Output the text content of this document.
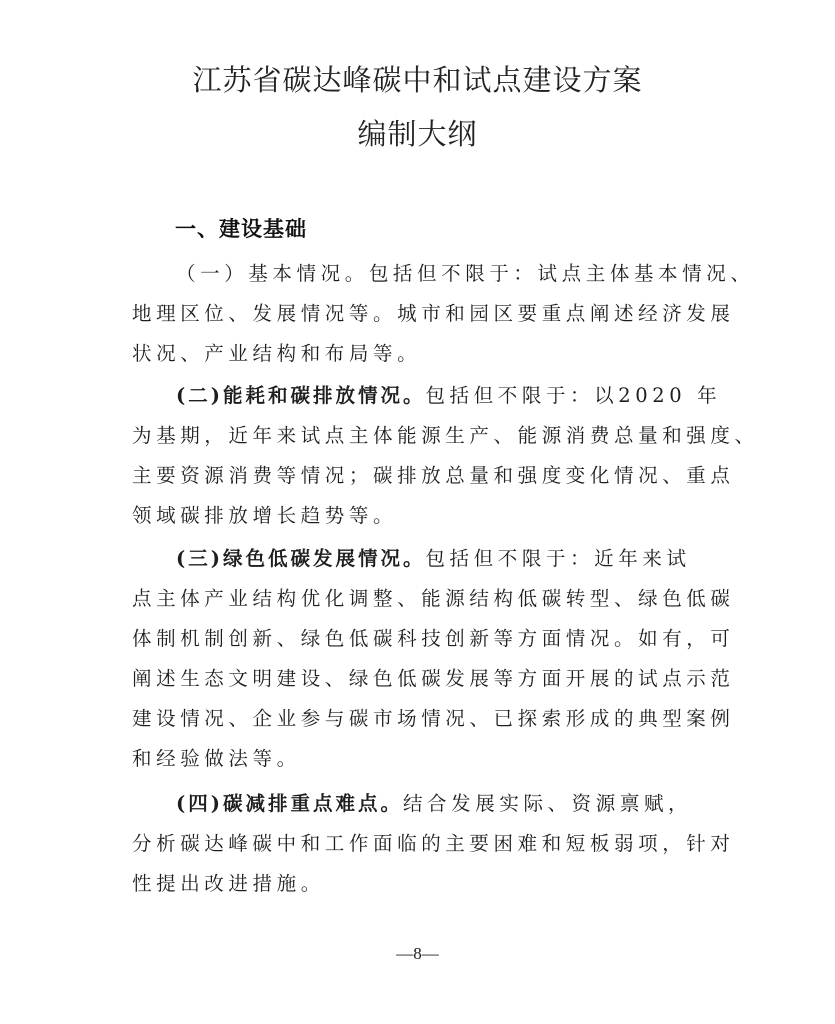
江苏省碳达峰碳中和试点建设方案
编制大纲
一、建设基础

（一）基本情况。包括但不限于：试点主体基本情况、
地理区位、发展情况等。城市和园区要重点阐述经济发展
状况、产业结构和布局等。

(二)能耗和碳排放情况。包括但不限于：以2020 年
为基期，近年来试点主体能源生产、能源消费总量和强度、
主要资源消费等情况；碳排放总量和强度变化情况、重点
领域碳排放增长趋势等。

(三)绿色低碳发展情况。包括但不限于：近年来试
点主体产业结构优化调整、能源结构低碳转型、绿色低碳
体制机制创新、绿色低碳科技创新等方面情况。如有，可
阐述生态文明建设、绿色低碳发展等方面开展的试点示范
建设情况、企业参与碳市场情况、已探索形成的典型案例
和经验做法等。

(四)碳减排重点难点。结合发展实际、资源禀赋，
分析碳达峰碳中和工作面临的主要困难和短板弱项，针对
性提出改进措施。

—8—
